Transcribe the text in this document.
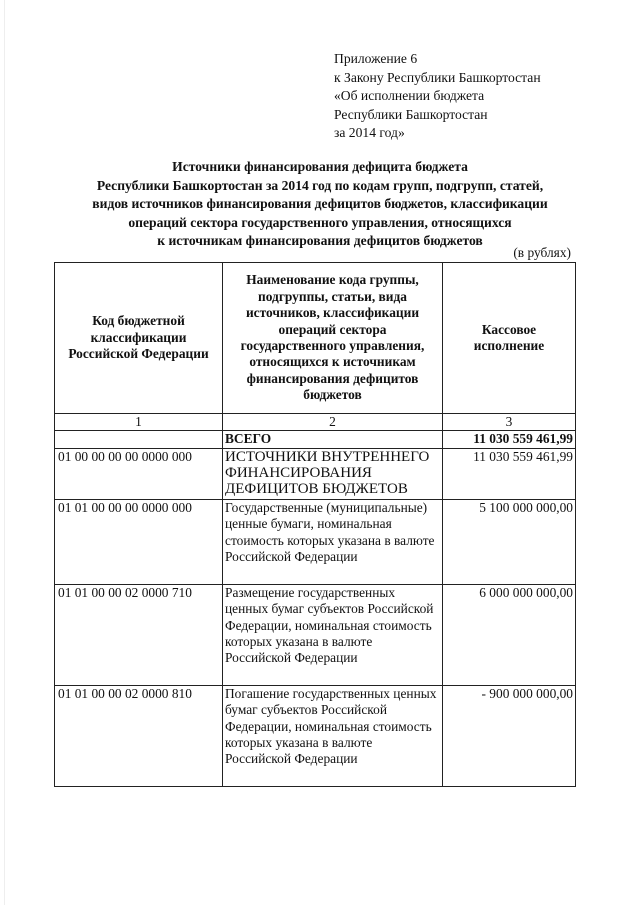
Приложение 6
к Закону Республики Башкортостан
«Об исполнении бюджета
Республики Башкортостан
за 2014 год»
Источники финансирования дефицита бюджета
Республики Башкортостан за 2014 год по кодам групп, подгрупп, статей,
видов источников финансирования дефицитов бюджетов, классификации
операций сектора государственного управления, относящихся
к источникам финансирования дефицитов бюджетов
(в рублях)
Код бюджетной классификации Российской Федерации	Наименование кода группы, подгруппы, статьи, вида источников, классификации операций сектора государственного управления, относящихся к источникам финансирования дефицитов бюджетов	Кассовое исполнение
1	2	3
	ВСЕГО	11 030 559 461,99
01 00 00 00 00 0000 000	ИСТОЧНИКИ ВНУТРЕННЕГО ФИНАНСИРОВАНИЯ ДЕФИЦИТОВ БЮДЖЕТОВ	11 030 559 461,99
01 01 00 00 00 0000 000	Государственные (муниципальные) ценные бумаги, номинальная стоимость которых указана в валюте Российской Федерации	5 100 000 000,00
01 01 00 00 02 0000 710	Размещение государственных ценных бумаг субъектов Российской Федерации, номинальная стоимость которых указана в валюте Российской Федерации	6 000 000 000,00
01 01 00 00 02 0000 810	Погашение государственных ценных бумаг субъектов Российской Федерации, номинальная стоимость которых указана в валюте Российской Федерации	- 900 000 000,00
